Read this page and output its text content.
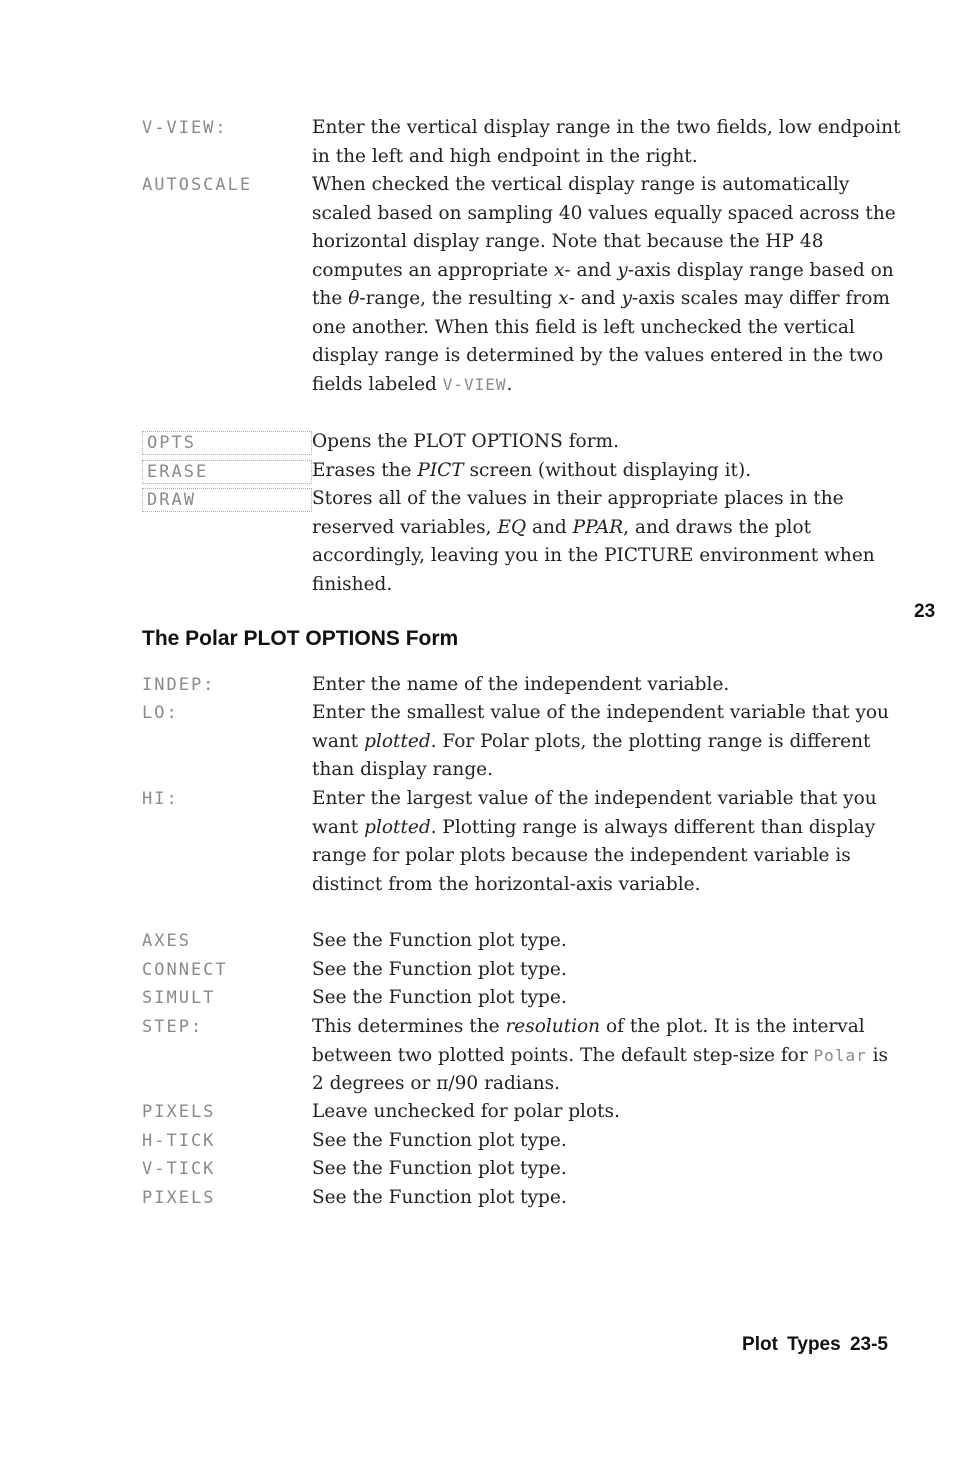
V-VIEW:	Enter the vertical display range in the two fields, low endpoint in the left and high endpoint in the right.
AUTOSCALE	When checked the vertical display range is automatically scaled based on sampling 40 values equally spaced across the horizontal display range. Note that because the HP 48 computes an appropriate x- and y-axis display range based on the θ-range, the resulting x- and y-axis scales may differ from one another. When this field is left unchecked the vertical display range is determined by the values entered in the two fields labeled V-VIEW.
OPTS	Opens the PLOT OPTIONS form.
ERASE	Erases the PICT screen (without displaying it).
DRAW	Stores all of the values in their appropriate places in the reserved variables, EQ and PPAR, and draws the plot accordingly, leaving you in the PICTURE environment when finished.
23
The Polar PLOT OPTIONS Form
INDEP:	Enter the name of the independent variable.
LO:	Enter the smallest value of the independent variable that you want plotted. For Polar plots, the plotting range is different than display range.
HI:	Enter the largest value of the independent variable that you want plotted. Plotting range is always different than display range for polar plots because the independent variable is distinct from the horizontal-axis variable.
AXES	See the Function plot type.
CONNECT	See the Function plot type.
SIMULT	See the Function plot type.
STEP:	This determines the resolution of the plot. It is the interval between two plotted points. The default step-size for Polar is 2 degrees or π/90 radians.
PIXELS	Leave unchecked for polar plots.
H-TICK	See the Function plot type.
V-TICK	See the Function plot type.
PIXELS	See the Function plot type.
Plot Types 23-5
